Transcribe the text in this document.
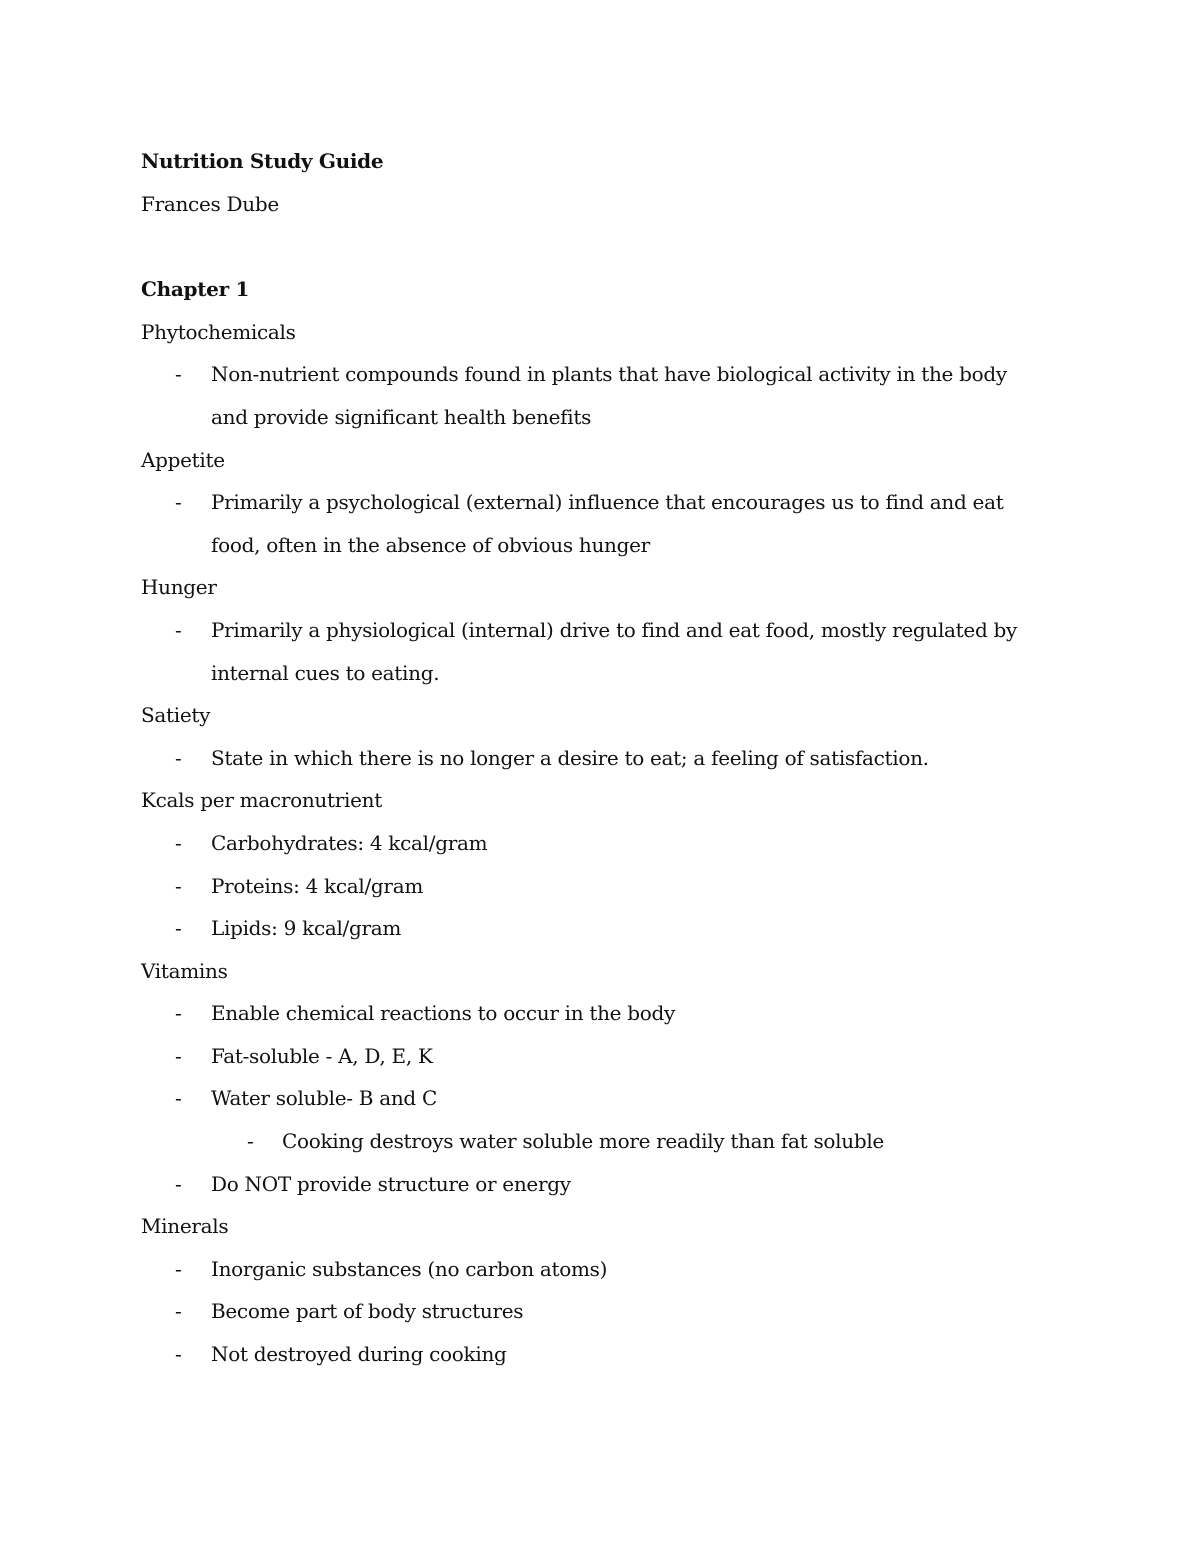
Nutrition Study Guide
Frances Dube
Chapter 1
Phytochemicals
- Non-nutrient compounds found in plants that have biological activity in the body and provide significant health benefits
Appetite
- Primarily a psychological (external) influence that encourages us to find and eat food, often in the absence of obvious hunger
Hunger
- Primarily a physiological (internal) drive to find and eat food, mostly regulated by internal cues to eating.
Satiety
- State in which there is no longer a desire to eat; a feeling of satisfaction.
Kcals per macronutrient
- Carbohydrates: 4 kcal/gram
- Proteins: 4 kcal/gram
- Lipids: 9 kcal/gram
Vitamins
- Enable chemical reactions to occur in the body
- Fat-soluble - A, D, E, K
- Water soluble- B and C
- Cooking destroys water soluble more readily than fat soluble
- Do NOT provide structure or energy
Minerals
- Inorganic substances (no carbon atoms)
- Become part of body structures
- Not destroyed during cooking
